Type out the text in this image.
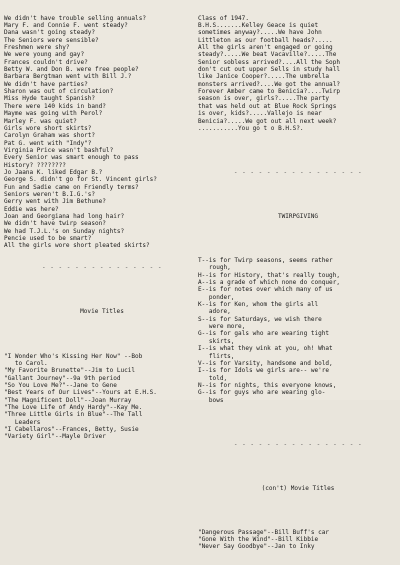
We didn't have trouble selling annuals?
Mary F. and Connie F. went steady?
Dana wasn't going steady?
The Seniors were sensible?
Freshmen were shy?
We were young and gay?
Frances couldn't drive?
Betty W. and Don B. were free people?
Barbara Bergtman went with Bill J.?
We didn't have parties?
Sharon was out of circulation?
Miss Hyde taught Spanish?
There were 140 kids in band?
Mayme was going with Perol?
Marley F. was quiet?
Girls wore short skirts?
Carolyn Graham was short?
Pat G. went with "Indy"?
Virginia Price wasn't bashful?
Every Senior was smart enough to pass
History? ????????
Jo Jaana K. liked Edgar B.?
George S. didn't go for St. Vincent girls?
Fun and Sadie came on Friendly terms?
Seniors weren't B.I.G.'s?
Gerry went with Jim Bethune?
Eddie was here?
Joan and Georgiana had long hair?
We didn't have twirp season?
We had T.J.L.'s on Sunday nights?
Pencie used to be smart?
All the girls wore short pleated skirts?

- - - - - - - - - - - - - - -

Movie Titles

"I Wonder Who's Kissing Her Now" --Bob
to Carol.
"My Favorite Brunette"--Jim to Lucil
"Gallant Journey"--9a 9th period
"So You Love Me?"--Jane to Gene
"Best Years of Our Lives"--Yours at E.H.S.
"The Magnificent Doll"--Joan Murray
"The Love Life of Andy Hardy"--Kay Me.
"Three Little Girls in Blue"--The Tall
Leaders
"I Cabellaros"--Frances, Betty, Susie
"Variety Girl"--Mayle Driver

Class of 1947.
B.H.S.......Kelley Geace is quiet
sometimes anyway?.....We have John
Littleton as our football heads?.....
All the girls aren't engaged or going
steady?.....We beat Vacaville?.....The
Senior sobless arrived?....All the Soph
don't cut out upper Sells in study hall
like Janice Cooper?.....The umbrella
monsters arrived?....We got the annual?
Forever Amber came to Benicia?....Twirp
season is over, girls?.....The party
that was held out at Blue Rock Springs
is over, kids?.....Vallejo is near
Benicia?.....We got out all next week?
...........You go t o B.H.S?.

- - - - - - - - - - - - - - - -

TWIRPGIVING

T--is for Twirp seasons, seems rather
rough,
H--is for History, that's really tough,
A--is a grade of which none do conquer,
E--is for notes over which many of us
ponder,
K--is for Ken, whom the girls all
adore,
S--is for Saturdays, we wish there
were more,
G--is for gals who are wearing tight
skirts,
I--is what they wink at you, oh! What
flirts,
V--is for Varsity, handsome and bold,
I--is for Idols we girls are-- we're
told,
N--is for nights, this everyone knows,
G--is for guys who are wearing glo-
bows

- - - - - - - - - - - - - - - -

(con't) Movie Titles

"Dangerous Passage"--Bill Buff's car
"Gone With the Wind"--Bill Kibbie
"Never Say Goodbye"--Jan to Inky
